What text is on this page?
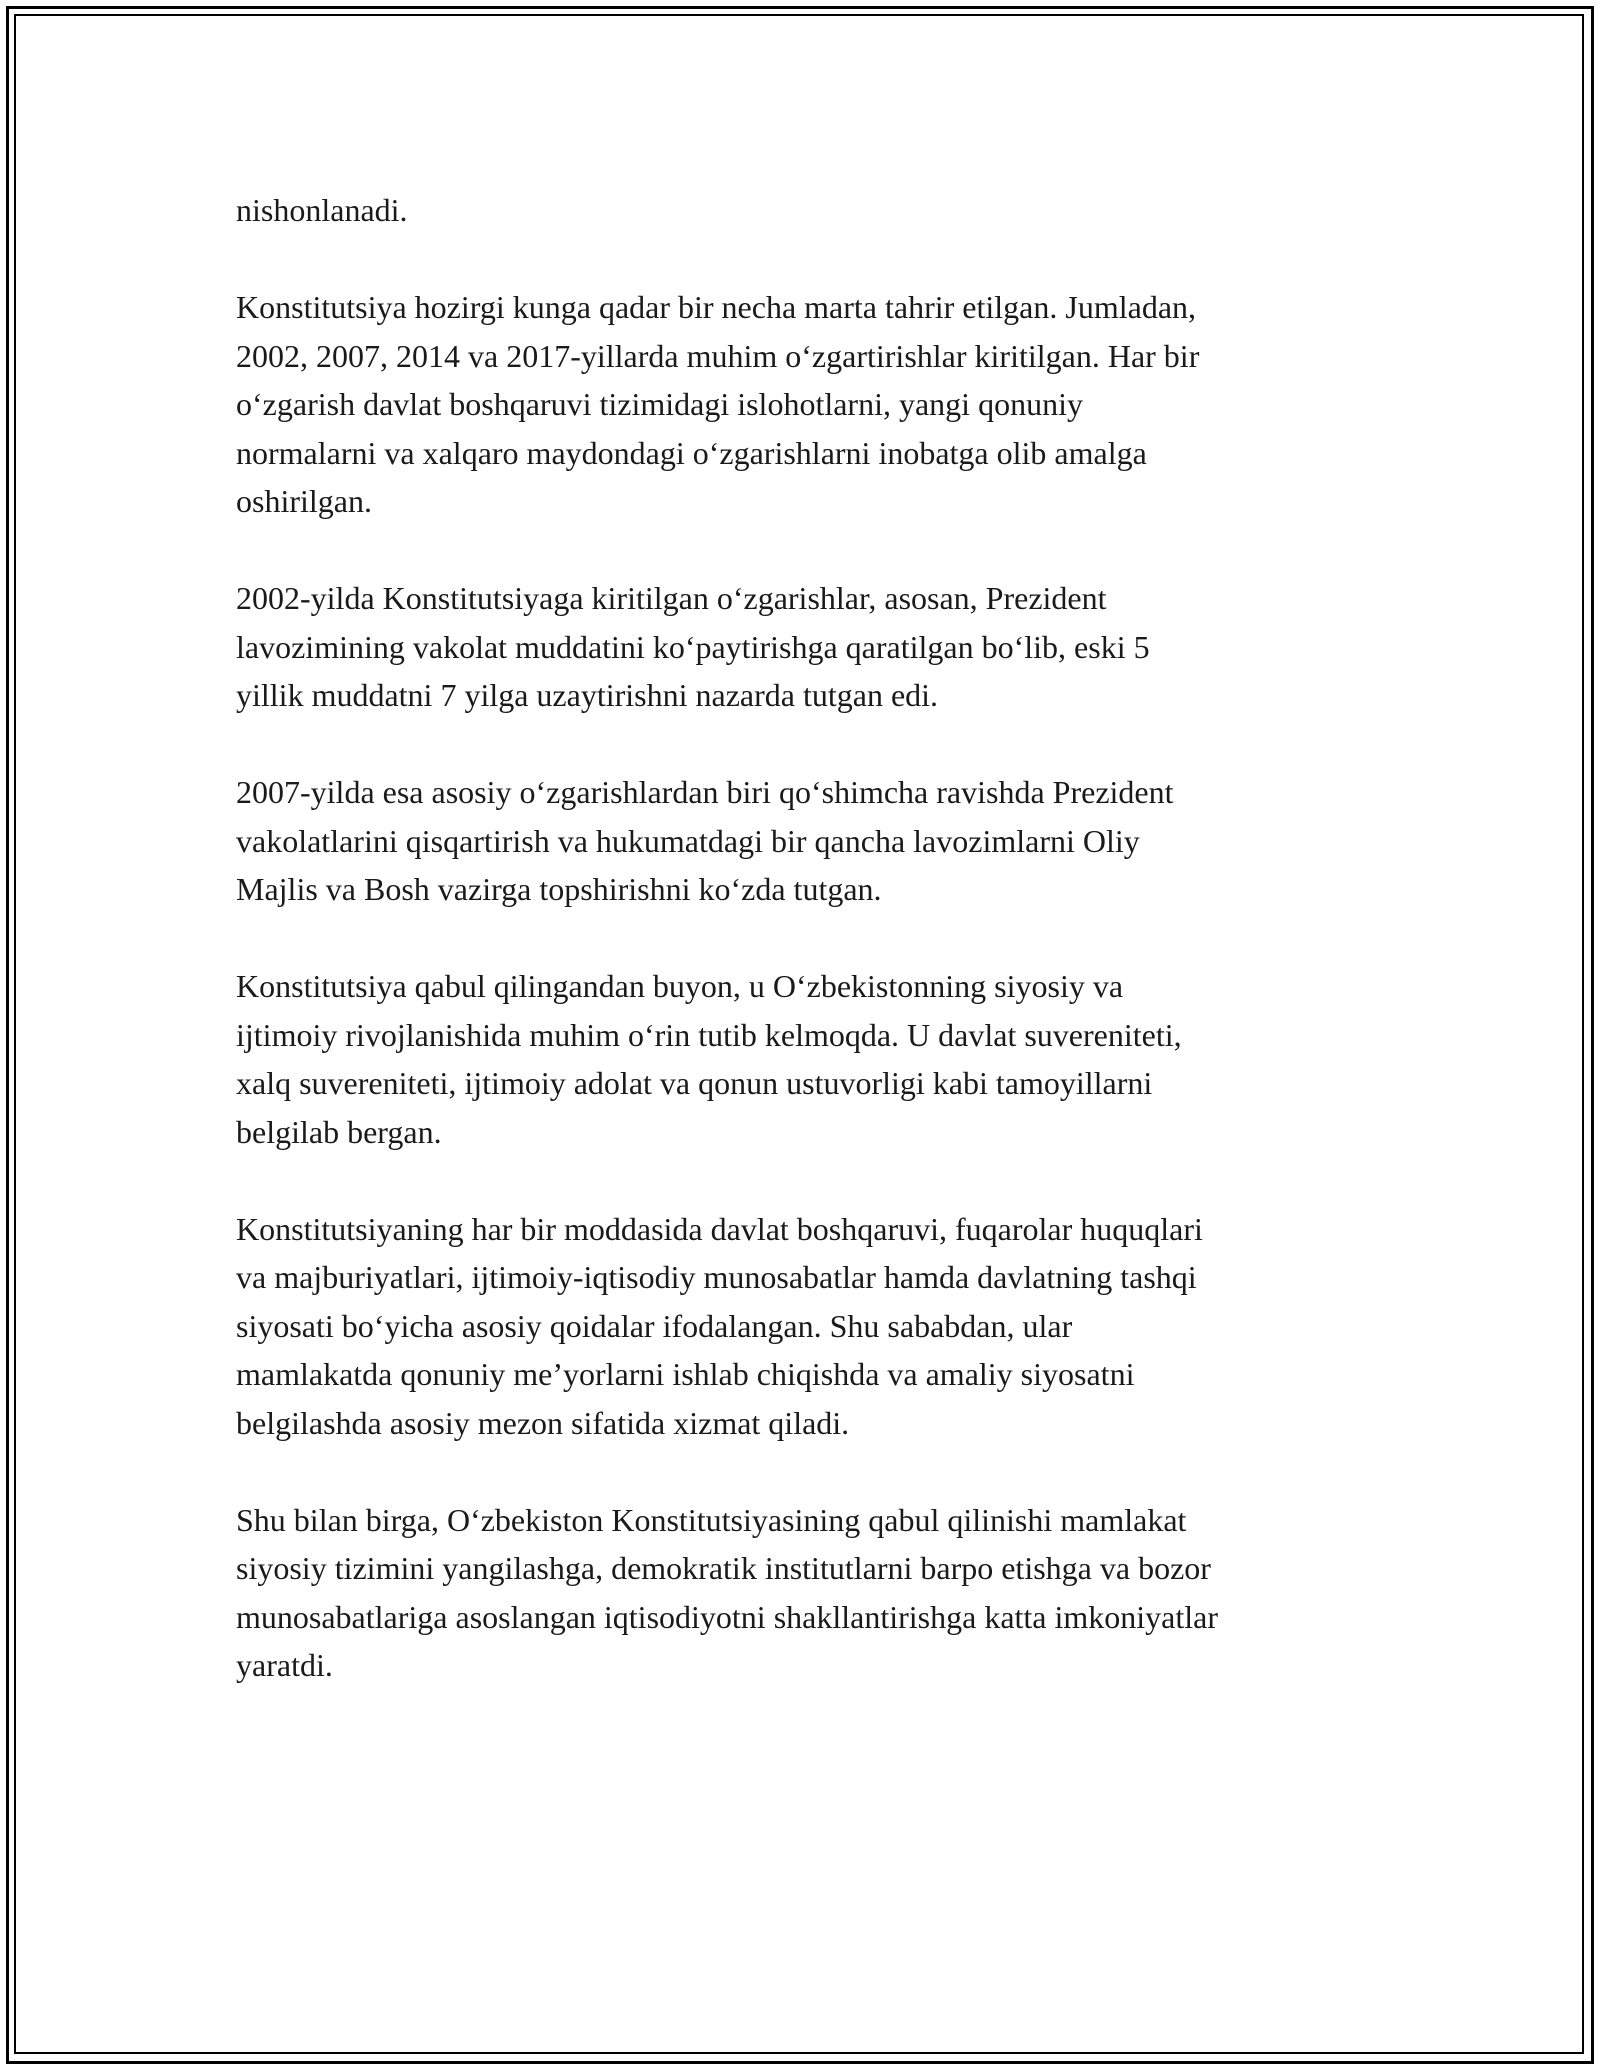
nishonlanadi.

Konstitutsiya hozirgi kunga qadar bir necha marta tahrir etilgan. Jumladan,
2002, 2007, 2014 va 2017-yillarda muhim o‘zgartirishlar kiritilgan. Har bir
o‘zgarish davlat boshqaruvi tizimidagi islohotlarni, yangi qonuniy
normalarni va xalqaro maydondagi o‘zgarishlarni inobatga olib amalga
oshirilgan.

2002-yilda Konstitutsiyaga kiritilgan o‘zgarishlar, asosan, Prezident
lavozimining vakolat muddatini ko‘paytirishga qaratilgan bo‘lib, eski 5
yillik muddatni 7 yilga uzaytirishni nazarda tutgan edi.

2007-yilda esa asosiy o‘zgarishlardan biri qo‘shimcha ravishda Prezident
vakolatlarini qisqartirish va hukumatdagi bir qancha lavozimlarni Oliy
Majlis va Bosh vazirga topshirishni ko‘zda tutgan.

Konstitutsiya qabul qilingandan buyon, u O‘zbekistonning siyosiy va
ijtimoiy rivojlanishida muhim o‘rin tutib kelmoqda. U davlat suvereniteti,
xalq suvereniteti, ijtimoiy adolat va qonun ustuvorligi kabi tamoyillarni
belgilab bergan.

Konstitutsiyaning har bir moddasida davlat boshqaruvi, fuqarolar huquqlari
va majburiyatlari, ijtimoiy-iqtisodiy munosabatlar hamda davlatning tashqi
siyosati bo‘yicha asosiy qoidalar ifodalangan. Shu sababdan, ular
mamlakatda qonuniy me’yorlarni ishlab chiqishda va amaliy siyosatni
belgilashda asosiy mezon sifatida xizmat qiladi.

Shu bilan birga, O‘zbekiston Konstitutsiyasining qabul qilinishi mamlakat
siyosiy tizimini yangilashga, demokratik institutlarni barpo etishga va bozor
munosabatlariga asoslangan iqtisodiyotni shakllantirishga katta imkoniyatlar
yaratdi.
